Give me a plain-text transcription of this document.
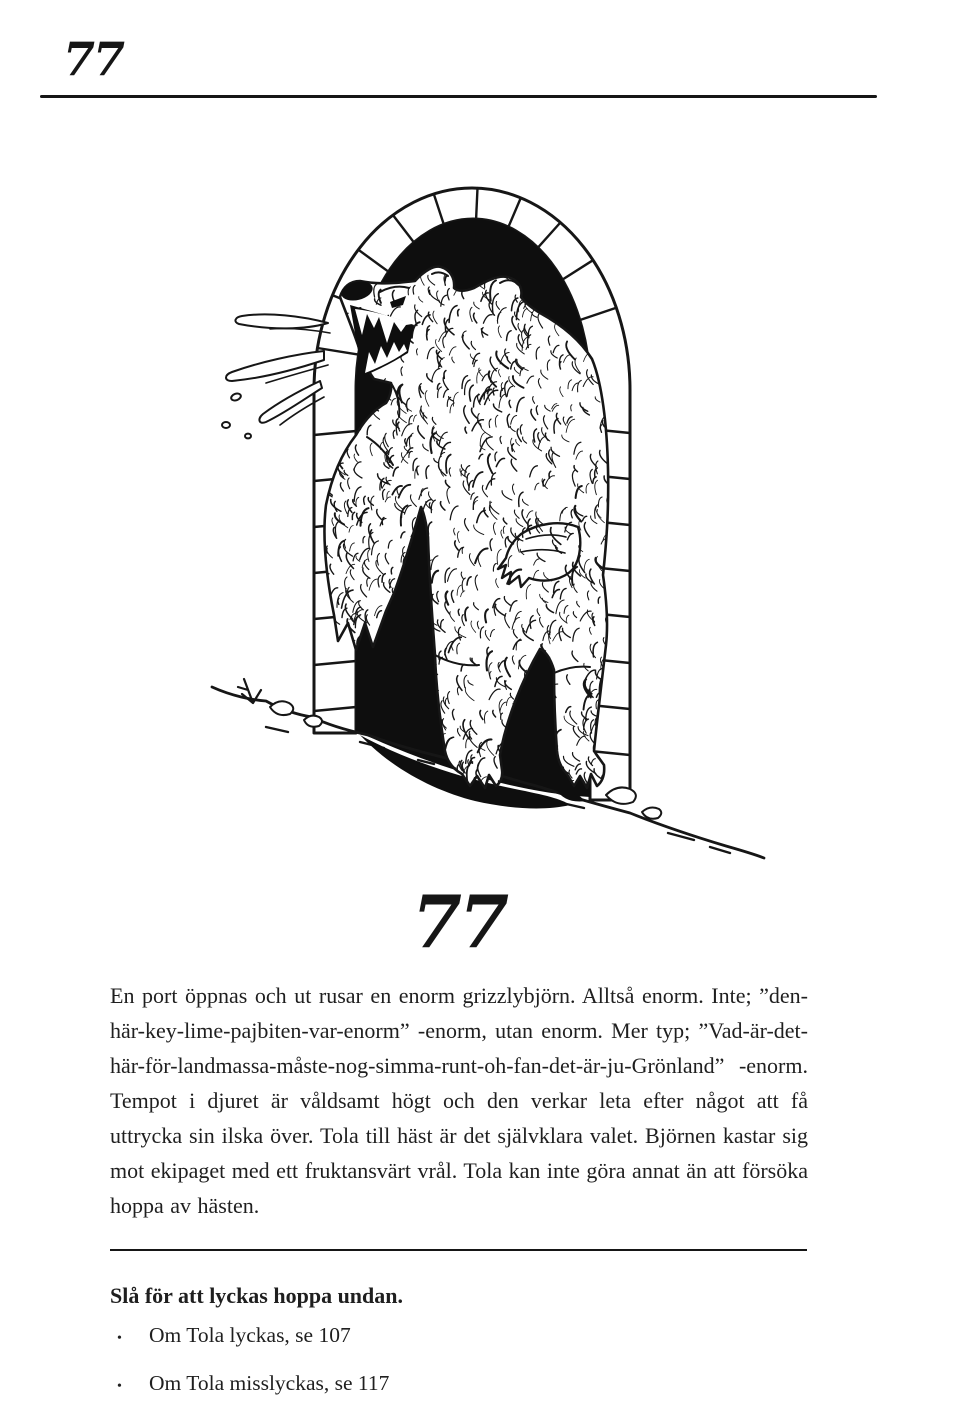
77
77

En port öppnas och ut rusar en enorm grizzlybjörn. Alltså enorm. Inte; ”den-här-key-lime-pajbiten-var-enorm” -enorm, utan enorm. Mer typ; ”Vad-är-det-här-för-landmassa-måste-nog-simma-runt-oh-fan-det-är-ju-Grönland” -enorm. Tempot i djuret är våldsamt högt och den verkar leta efter något att få uttrycka sin ilska över. Tola till häst är det självklara valet. Björnen kastar sig mot ekipaget med ett fruktansvärt vrål. Tola kan inte göra annat än att försöka hoppa av hästen.

Slå för att lyckas hoppa undan.
•	Om Tola lyckas, se 107
•	Om Tola misslyckas, se 117
